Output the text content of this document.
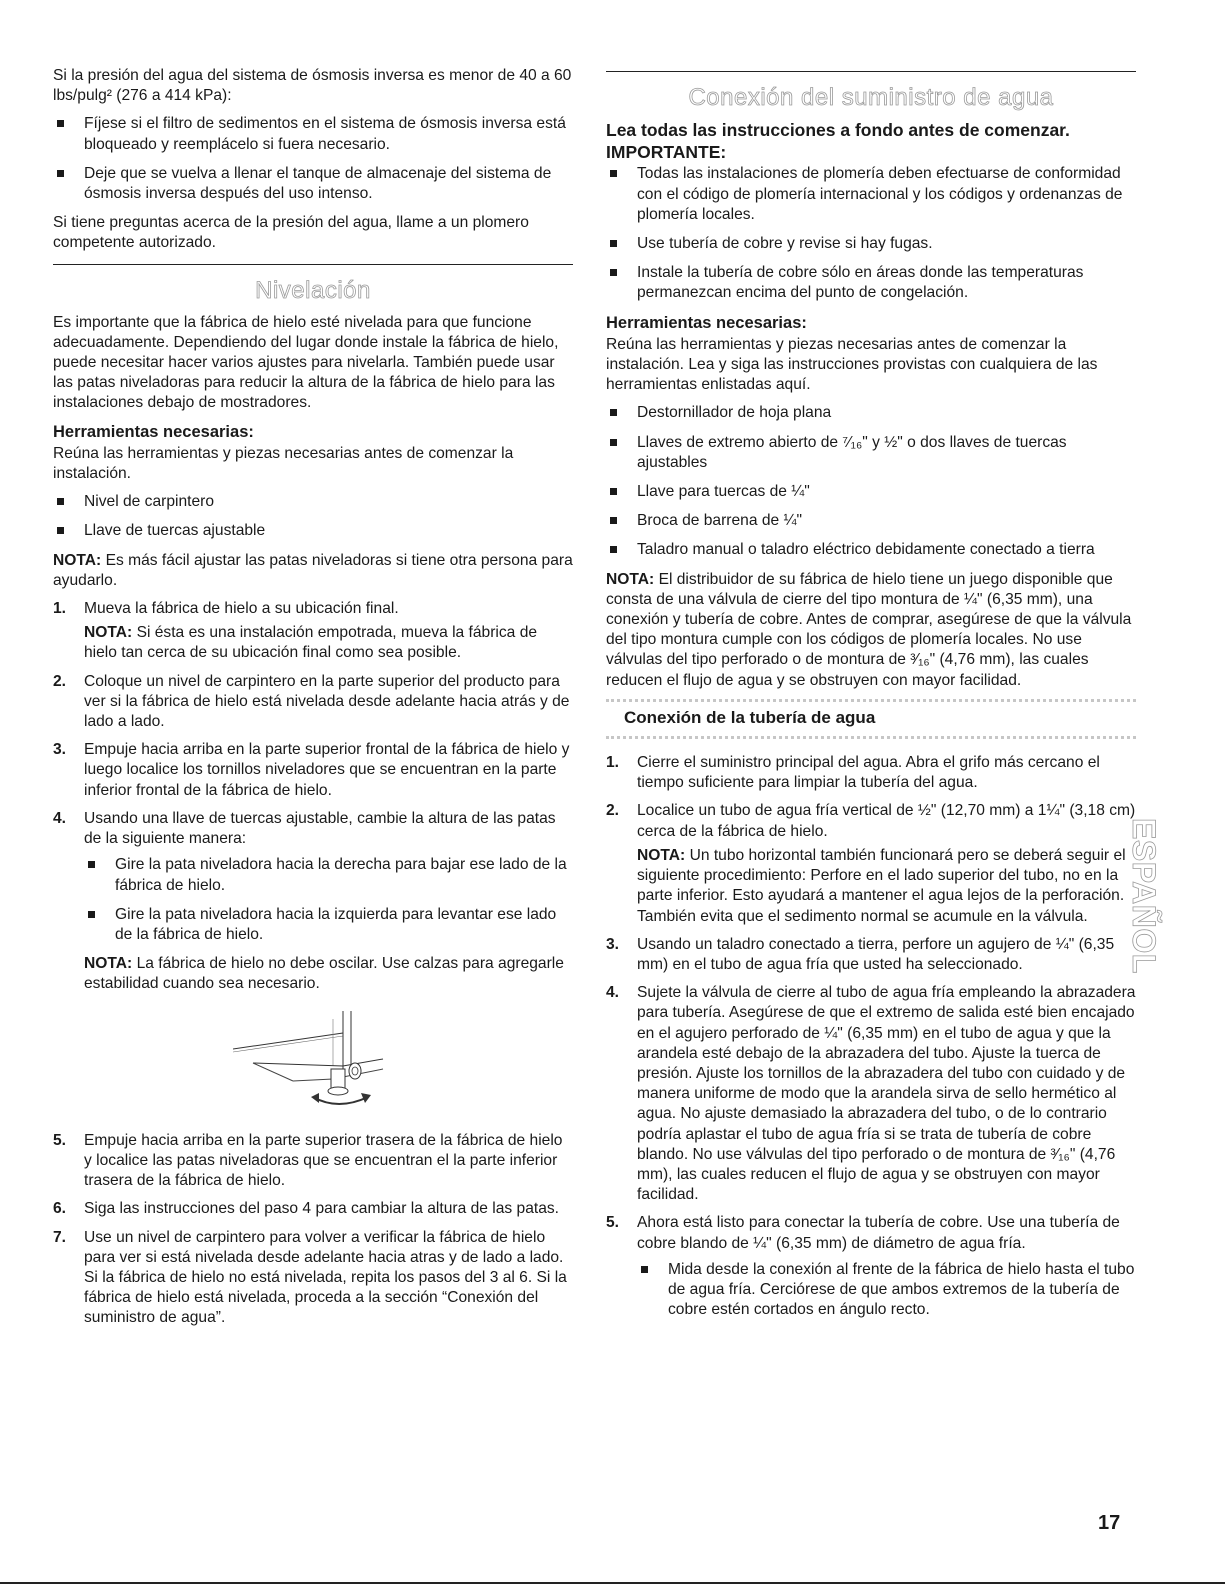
Si la presión del agua del sistema de ósmosis inversa es menor de 40 a 60 lbs/pulg² (276 a 414 kPa):

Fíjese si el filtro de sedimentos en el sistema de ósmosis inversa está bloqueado y reemplácelo si fuera necesario.
Deje que se vuelva a llenar el tanque de almacenaje del sistema de ósmosis inversa después del uso intenso.

Si tiene preguntas acerca de la presión del agua, llame a un plomero competente autorizado.

Nivelación

Es importante que la fábrica de hielo esté nivelada para que funcione adecuadamente. Dependiendo del lugar donde instale la fábrica de hielo, puede necesitar hacer varios ajustes para nivelarla. También puede usar las patas niveladoras para reducir la altura de la fábrica de hielo para las instalaciones debajo de mostradores.

Herramientas necesarias:

Reúna las herramientas y piezas necesarias antes de comenzar la instalación.

Nivel de carpintero
Llave de tuercas ajustable

NOTA: Es más fácil ajustar las patas niveladoras si tiene otra persona para ayudarlo.

1. Mueva la fábrica de hielo a su ubicación final.
NOTA: Si ésta es una instalación empotrada, mueva la fábrica de hielo tan cerca de su ubicación final como sea posible.
2. Coloque un nivel de carpintero en la parte superior del producto para ver si la fábrica de hielo está nivelada desde adelante hacia atrás y de lado a lado.
3. Empuje hacia arriba en la parte superior frontal de la fábrica de hielo y luego localice los tornillos niveladores que se encuentran en la parte inferior frontal de la fábrica de hielo.
4. Usando una llave de tuercas ajustable, cambie la altura de las patas de la siguiente manera:
Gire la pata niveladora hacia la derecha para bajar ese lado de la fábrica de hielo.
Gire la pata niveladora hacia la izquierda para levantar ese lado de la fábrica de hielo.
NOTA: La fábrica de hielo no debe oscilar. Use calzas para agregarle estabilidad cuando sea necesario.
5. Empuje hacia arriba en la parte superior trasera de la fábrica de hielo y localice las patas niveladoras que se encuentran el la parte inferior trasera de la fábrica de hielo.
6. Siga las instrucciones del paso 4 para cambiar la altura de las patas.
7. Use un nivel de carpintero para volver a verificar la fábrica de hielo para ver si está nivelada desde adelante hacia atras y de lado a lado. Si la fábrica de hielo no está nivelada, repita los pasos del 3 al 6. Si la fábrica de hielo está nivelada, proceda a la sección “Conexión del suministro de agua”.
Conexión del suministro de agua
Lea todas las instrucciones a fondo antes de comenzar.
IMPORTANTE:
Todas las instalaciones de plomería deben efectuarse de conformidad con el código de plomería internacional y los códigos y ordenanzas de plomería locales.
Use tubería de cobre y revise si hay fugas.
Instale la tubería de cobre sólo en áreas donde las temperaturas permanezcan encima del punto de congelación.
Herramientas necesarias:

Reúna las herramientas y piezas necesarias antes de comenzar la instalación. Lea y siga las instrucciones provistas con cualquiera de las herramientas enlistadas aquí.

Destornillador de hoja plana
Llaves de extremo abierto de ⁷⁄₁₆" y ½" o dos llaves de tuercas ajustables
Llave para tuercas de ¼"
Broca de barrena de ¼"
Taladro manual o taladro eléctrico debidamente conectado a tierra

NOTA: El distribuidor de su fábrica de hielo tiene un juego disponible que consta de una válvula de cierre del tipo montura de ¼" (6,35 mm), una conexión y tubería de cobre. Antes de comprar, asegúrese de que la válvula del tipo montura cumple con los códigos de plomería locales. No use válvulas del tipo perforado o de montura de ³⁄₁₆" (4,76 mm), las cuales reducen el flujo de agua y se obstruyen con mayor facilidad.

Conexión de la tubería de agua
1. Cierre el suministro principal del agua. Abra el grifo más cercano el tiempo suficiente para limpiar la tubería del agua.
2. Localice un tubo de agua fría vertical de ½" (12,70 mm) a 1¼" (3,18 cm) cerca de la fábrica de hielo.
NOTA: Un tubo horizontal también funcionará pero se deberá seguir el siguiente procedimiento: Perfore en el lado superior del tubo, no en la parte inferior. Esto ayudará a mantener el agua lejos de la perforación. También evita que el sedimento normal se acumule en la válvula.
3. Usando un taladro conectado a tierra, perfore un agujero de ¼" (6,35 mm) en el tubo de agua fría que usted ha seleccionado.
4. Sujete la válvula de cierre al tubo de agua fría empleando la abrazadera para tubería. Asegúrese de que el extremo de salida esté bien encajado en el agujero perforado de ¼" (6,35 mm) en el tubo de agua y que la arandela esté debajo de la abrazadera del tubo. Ajuste la tuerca de presión. Ajuste los tornillos de la abrazadera del tubo con cuidado y de manera uniforme de modo que la arandela sirva de sello hermético al agua. No ajuste demasiado la abrazadera del tubo, o de lo contrario podría aplastar el tubo de agua fría si se trata de tubería de cobre blando. No use válvulas del tipo perforado o de montura de ³⁄₁₆" (4,76 mm), las cuales reducen el flujo de agua y se obstruyen con mayor facilidad.
5. Ahora está listo para conectar la tubería de cobre. Use una tubería de cobre blando de ¼" (6,35 mm) de diámetro de agua fría.
Mida desde la conexión al frente de la fábrica de hielo hasta el tubo de agua fría. Cerciórese de que ambos extremos de la tubería de cobre estén cortados en ángulo recto.
ESPAÑOL
17
